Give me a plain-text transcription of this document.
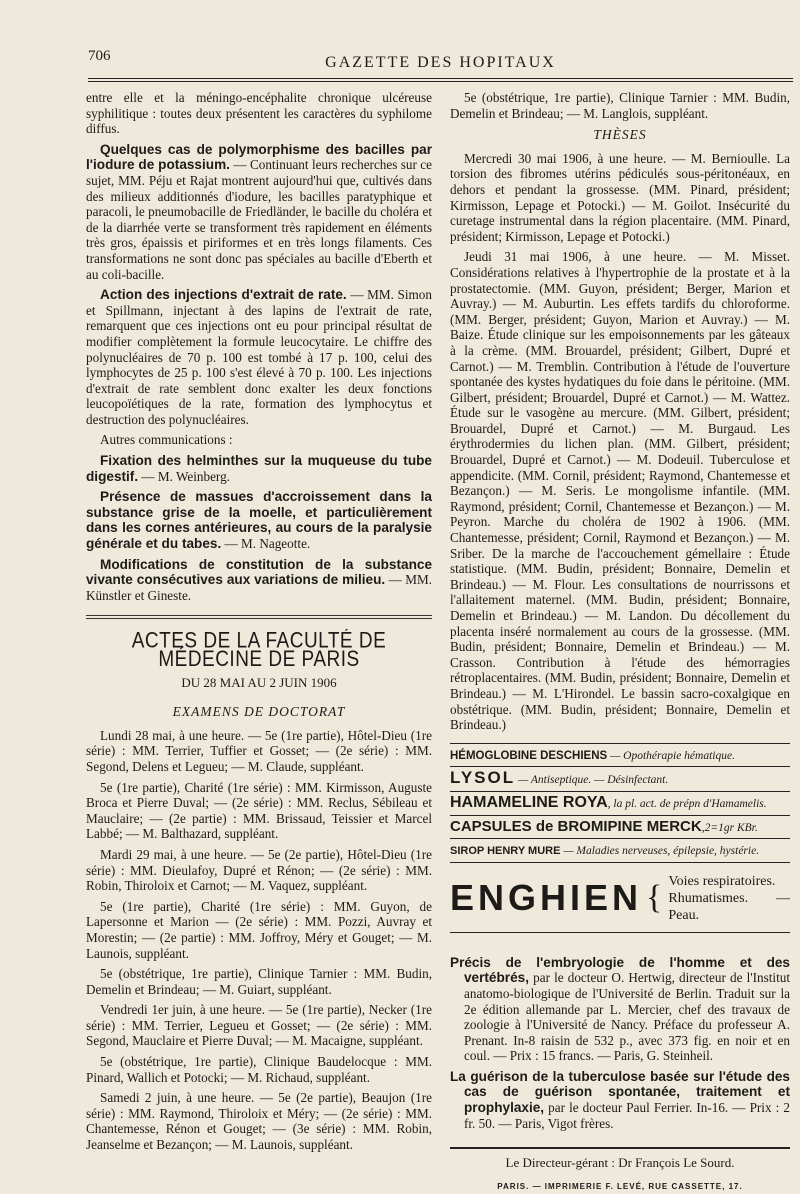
706	GAZETTE DES HOPITAUX

entre elle et la méningo-encéphalite chronique ulcéreuse syphilitique : toutes deux présentent les caractères du syphilome diffus.

Quelques cas de polymorphisme des bacilles par l'iodure de potassium. — Continuant leurs recherches sur ce sujet, MM. Péju et Rajat montrent aujourd'hui que, cultivés dans des milieux additionnés d'iodure, les bacilles paratyphique et paracoli, le pneumobacille de Friedländer, le bacille du choléra et de la diarrhée verte se transforment très rapidement en éléments très gros, épaissis et piriformes et en très longs filaments. Ces transformations ne sont donc pas spéciales au bacille d'Eberth et au coli-bacille.

Action des injections d'extrait de rate. — MM. Simon et Spillmann, injectant à des lapins de l'extrait de rate, remarquent que ces injections ont eu pour principal résultat de modifier complètement la formule leucocytaire. Le chiffre des polynucléaires de 70 p. 100 est tombé à 17 p. 100, celui des lymphocytes de 25 p. 100 s'est élevé à 70 p. 100. Les injections d'extrait de rate semblent donc exalter les deux fonctions leucopoïétiques de la rate, formation des lymphocytus et destruction des polynucléaires.

Autres communications :

Fixation des helminthes sur la muqueuse du tube digestif. — M. Weinberg.

Présence de massues d'accroissement dans la substance grise de la moelle, et particulièrement dans les cornes antérieures, au cours de la paralysie générale et du tabes. — M. Nageotte.

Modifications de constitution de la substance vivante consécutives aux variations de milieu. — MM. Künstler et Gineste.

ACTES DE LA FACULTÉ DE MÉDECINE DE PARIS
DU 28 MAI AU 2 JUIN 1906
EXAMENS DE DOCTORAT

Lundi 28 mai, à une heure. — 5e (1re partie), Hôtel-Dieu (1re série) : MM. Terrier, Tuffier et Gosset; — (2e série) : MM. Segond, Delens et Legueu; — M. Claude, suppléant.

5e (1re partie), Charité (1re série) : MM. Kirmisson, Auguste Broca et Pierre Duval; — (2e série) : MM. Reclus, Sébileau et Mauclaire; — (2e partie) : MM. Brissaud, Teissier et Marcel Labbé; — M. Balthazard, suppléant.

Mardi 29 mai, à une heure. — 5e (2e partie), Hôtel-Dieu (1re série) : MM. Dieulafoy, Dupré et Rénon; — (2e série) : MM. Robin, Thiroloix et Carnot; — M. Vaquez, suppléant.

5e (1re partie), Charité (1re série) : MM. Guyon, de Lapersonne et Marion — (2e série) : MM. Pozzi, Auvray et Morestin; — (2e partie) : MM. Joffroy, Méry et Gouget; — M. Launois, suppléant.

5e (obstétrique, 1re partie), Clinique Tarnier : MM. Budin, Demelin et Brindeau; — M. Guiart, suppléant.

Vendredi 1er juin, à une heure. — 5e (1re partie), Necker (1re série) : MM. Terrier, Legueu et Gosset; — (2e série) : MM. Segond, Mauclaire et Pierre Duval; — M. Macaigne, suppléant.

5e (obstétrique, 1re partie), Clinique Baudelocque : MM. Pinard, Wallich et Potocki; — M. Richaud, suppléant.

Samedi 2 juin, à une heure. — 5e (2e partie), Beaujon (1re série) : MM. Raymond, Thiroloix et Méry; — (2e série) : MM. Chantemesse, Rénon et Gouget; — (3e série) : MM. Robin, Jeanselme et Bezançon; — M. Launois, suppléant.

5e (obstétrique, 1re partie), Clinique Tarnier : MM. Budin, Demelin et Brindeau; — M. Langlois, suppléant.

THÈSES

Mercredi 30 mai 1906, à une heure. — M. Bernioulle. La torsion des fibromes utérins pédiculés sous-péritonéaux, en dehors et pendant la grossesse. (MM. Pinard, président; Kirmisson, Lepage et Potocki.) — M. Goilot. Insécurité du curetage instrumental dans la région placentaire. (MM. Pinard, président; Kirmisson, Lepage et Potocki.)

Jeudi 31 mai 1906, à une heure. — M. Misset. Considérations relatives à l'hypertrophie de la prostate et à la prostatectomie. (MM. Guyon, président; Berger, Marion et Auvray.) — M. Auburtin. Les effets tardifs du chloroforme. (MM. Berger, président; Guyon, Marion et Auvray.) — M. Baize. Étude clinique sur les empoisonnements par les gâteaux à la crème. (MM. Brouardel, président; Gilbert, Dupré et Carnot.) — M. Tremblin. Contribution à l'étude de l'ouverture spontanée des kystes hydatiques du foie dans le péritoine. (MM. Gilbert, président; Brouardel, Dupré et Carnot.) — M. Wattez. Étude sur le vasogène au mercure. (MM. Gilbert, président; Brouardel, Dupré et Carnot.) — M. Burgaud. Les érythrodermies du lichen plan. (MM. Gilbert, président; Brouardel, Dupré et Carnot.) — M. Dodeuil. Tuberculose et appendicite. (MM. Cornil, président; Raymond, Chantemesse et Bezançon.) — M. Seris. Le mongolisme infantile. (MM. Raymond, président; Cornil, Chantemesse et Bezançon.) — M. Peyron. Marche du choléra de 1902 à 1906. (MM. Chantemesse, président; Cornil, Raymond et Bezançon.) — M. Sriber. De la marche de l'accouchement gémellaire : Étude statistique. (MM. Budin, président; Bonnaire, Demelin et Brindeau.) — M. Flour. Les consultations de nourrissons et l'allaitement maternel. (MM. Budin, président; Bonnaire, Demelin et Brindeau.) — M. Landon. Du décollement du placenta inséré normalement au cours de la grossesse. (MM. Budin, président; Bonnaire, Demelin et Brindeau.) — M. Crasson. Contribution à l'étude des hémorragies rétroplacentaires. (MM. Budin, président; Bonnaire, Demelin et Brindeau.) — M. L'Hirondel. Le bassin sacro-coxalgique en obstétrique. (MM. Budin, président; Bonnaire, Demelin et Brindeau.)

HÉMOGLOBINE DESCHIENS — Opothérapie hématique.
LYSOL — Antiseptique. — Désinfectant.
HAMAMELINE ROYA, la pl. act. de prépn d'Hamamelis.
CAPSULES de BROMIPINE MERCK,2=1gr KBr.
SIROP HENRY MURE — Maladies nerveuses, épilepsie, hystérie.
ENGHIEN { Voies respiratoires.
Rhumatismes. — Peau.

Précis de l'embryologie de l'homme et des vertébrés, par le docteur O. Hertwig, directeur de l'Institut anatomo-biologique de l'Université de Berlin. Traduit sur la 2e édition allemande par L. Mercier, chef des travaux de zoologie à l'Université de Nancy. Préface du professeur A. Prenant. In-8 raisin de 532 p., avec 373 fig. en noir et en coul. — Prix : 15 francs. — Paris, G. Steinheil.

La guérison de la tuberculose basée sur l'étude des cas de guérison spontanée, traitement et prophylaxie, par le docteur Paul Ferrier. In-16. — Prix : 2 fr. 50. — Paris, Vigot frères.

Le Directeur-gérant : Dr François Le Sourd.
PARIS. — IMPRIMERIE F. LEVÉ, RUE CASSETTE, 17.
